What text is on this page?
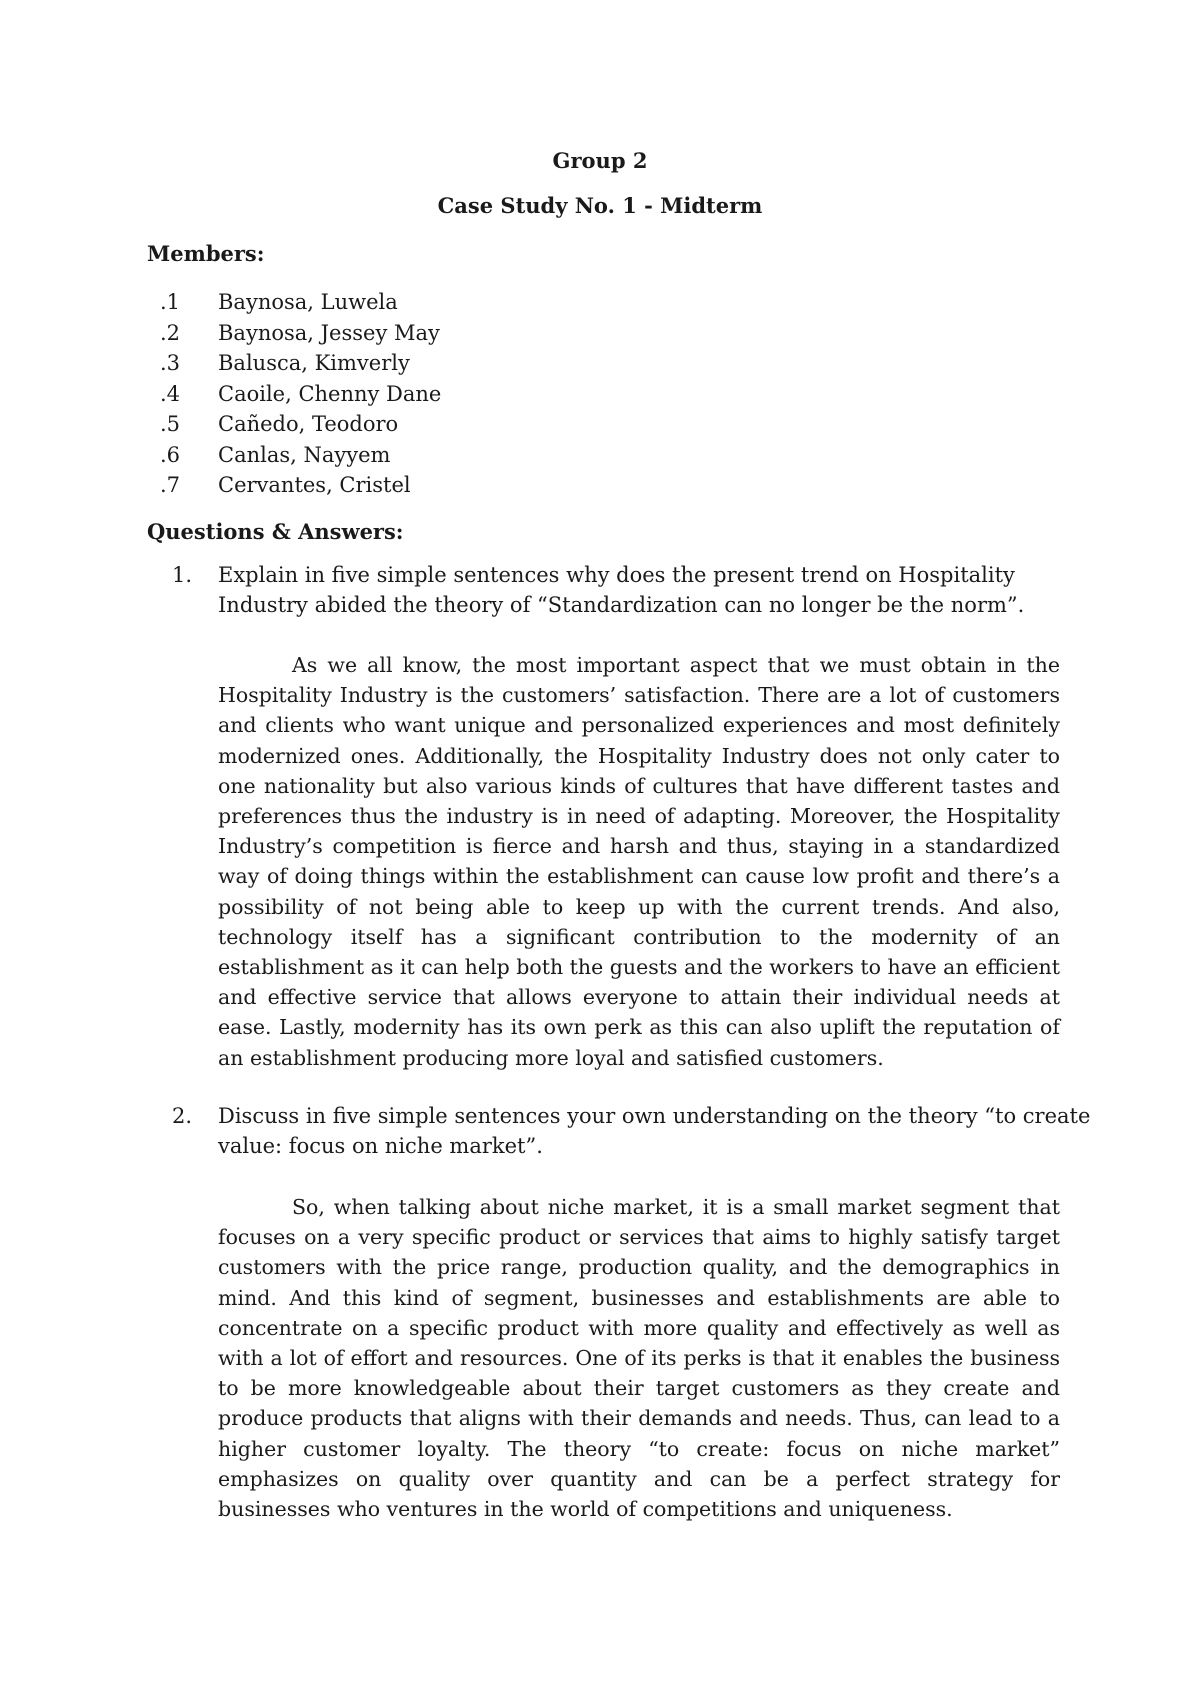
Group 2
Case Study No. 1 - Midterm
Members:
1. Baynosa, Luwela
2. Baynosa, Jessey May
3. Balusca, Kimverly
4. Caoile, Chenny Dane
5. Cañedo, Teodoro
6. Canlas, Nayyem
7. Cervantes, Cristel
Questions & Answers:
1. Explain in five simple sentences why does the present trend on Hospitality Industry abided the theory of “Standardization can no longer be the norm”.
As we all know, the most important aspect that we must obtain in the Hospitality Industry is the customers’ satisfaction. There are a lot of customers and clients who want unique and personalized experiences and most definitely modernized ones. Additionally, the Hospitality Industry does not only cater to one nationality but also various kinds of cultures that have different tastes and preferences thus the industry is in need of adapting. Moreover, the Hospitality Industry’s competition is fierce and harsh and thus, staying in a standardized way of doing things within the establishment can cause low profit and there’s a possibility of not being able to keep up with the current trends. And also, technology itself has a significant contribution to the modernity of an establishment as it can help both the guests and the workers to have an efficient and effective service that allows everyone to attain their individual needs at ease. Lastly, modernity has its own perk as this can also uplift the reputation of an establishment producing more loyal and satisfied customers.
2. Discuss in five simple sentences your own understanding on the theory “to create value: focus on niche market”.
So, when talking about niche market, it is a small market segment that focuses on a very specific product or services that aims to highly satisfy target customers with the price range, production quality, and the demographics in mind. And this kind of segment, businesses and establishments are able to concentrate on a specific product with more quality and effectively as well as with a lot of effort and resources. One of its perks is that it enables the business to be more knowledgeable about their target customers as they create and produce products that aligns with their demands and needs. Thus, can lead to a higher customer loyalty. The theory “to create: focus on niche market” emphasizes on quality over quantity and can be a perfect strategy for businesses who ventures in the world of competitions and uniqueness.
